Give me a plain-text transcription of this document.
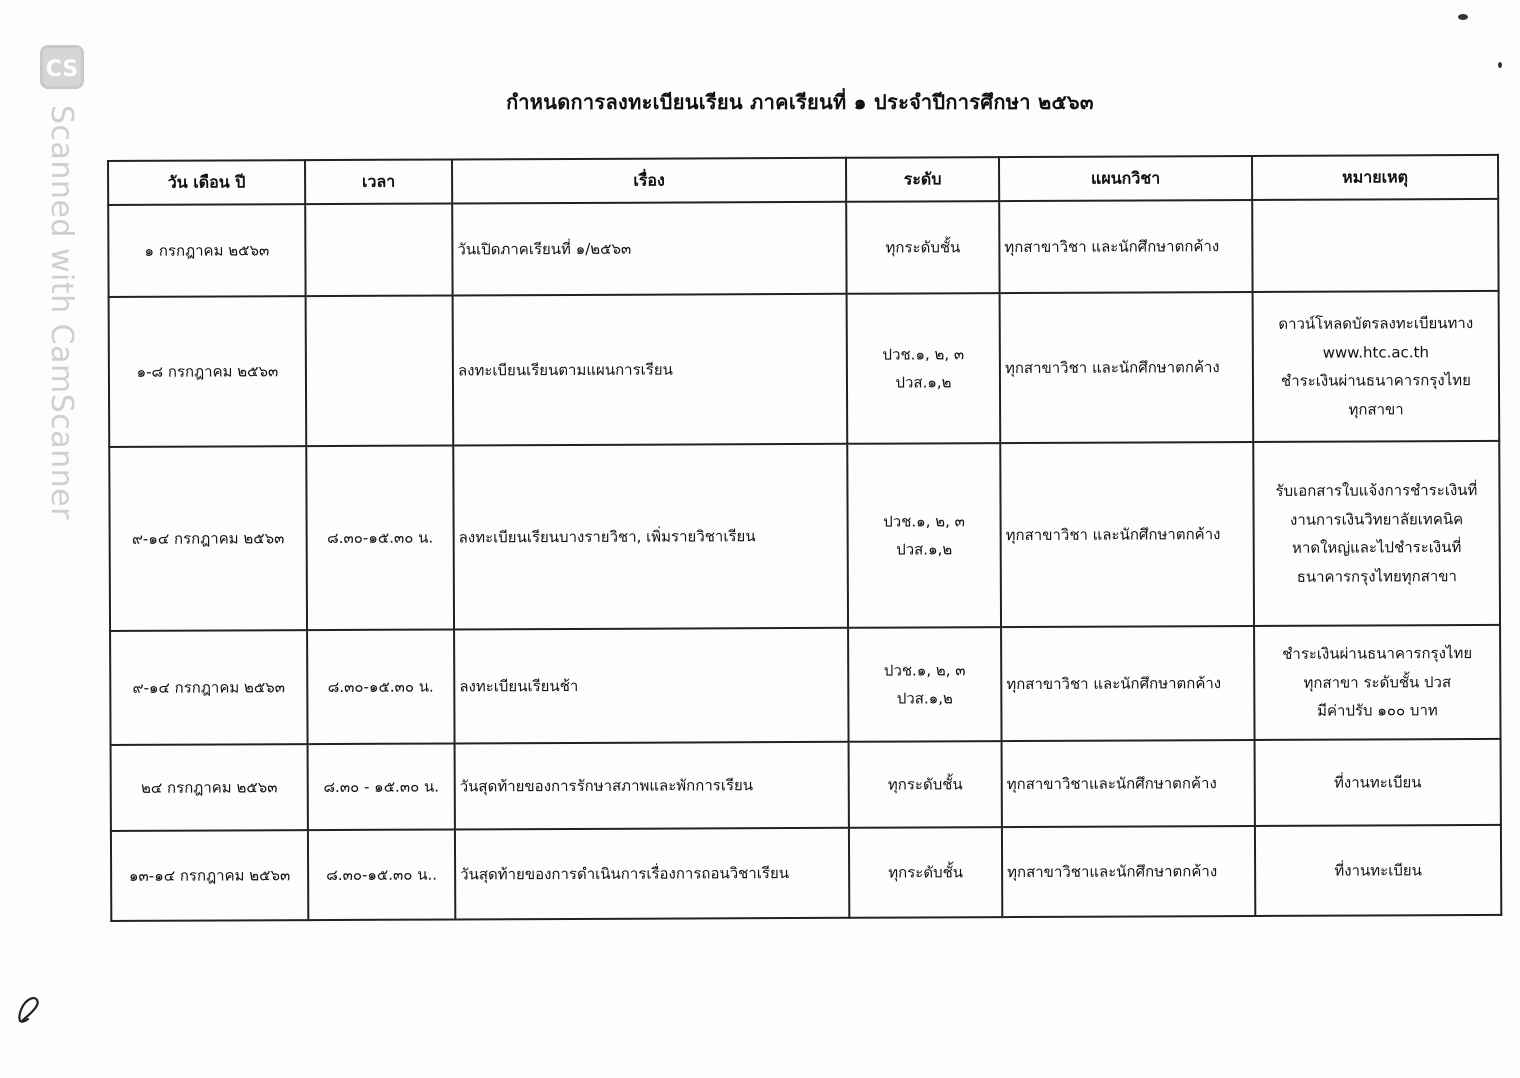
CS
Scanned with CamScanner
กำหนดการลงทะเบียนเรียน ภาคเรียนที่ ๑ ประจำปีการศึกษา ๒๕๖๓
วัน เดือน ปี	เวลา	เรื่อง	ระดับ	แผนกวิชา	หมายเหตุ
๑ กรกฎาคม ๒๕๖๓		วันเปิดภาคเรียนที่ ๑/๒๕๖๓	ทุกระดับชั้น	ทุกสาขาวิชา และนักศึกษาตกค้าง	
๑-๘ กรกฎาคม ๒๕๖๓		ลงทะเบียนเรียนตามแผนการเรียน	ปวช.๑, ๒, ๓
ปวส.๑,๒	ทุกสาขาวิชา และนักศึกษาตกค้าง	ดาวน์โหลดบัตรลงทะเบียนทาง
www.htc.ac.th
ชำระเงินผ่านธนาคารกรุงไทย
ทุกสาขา

๙-๑๔ กรกฎาคม ๒๕๖๓	๘.๓๐-๑๕.๓๐ น.	ลงทะเบียนเรียนบางรายวิชา, เพิ่มรายวิชาเรียน	ปวช.๑, ๒, ๓
ปวส.๑,๒	ทุกสาขาวิชา และนักศึกษาตกค้าง	รับเอกสารใบแจ้งการชำระเงินที่
งานการเงินวิทยาลัยเทคนิค
หาดใหญ่และไปชำระเงินที่
ธนาคารกรุงไทยทุกสาขา

๙-๑๔ กรกฎาคม ๒๕๖๓	๘.๓๐-๑๕.๓๐ น.	ลงทะเบียนเรียนช้า	ปวช.๑, ๒, ๓
ปวส.๑,๒	ทุกสาขาวิชา และนักศึกษาตกค้าง	ชำระเงินผ่านธนาคารกรุงไทย
ทุกสาขา ระดับชั้น ปวส
มีค่าปรับ ๑๐๐ บาท

๒๔ กรกฎาคม ๒๕๖๓	๘.๓๐ - ๑๕.๓๐ น.	วันสุดท้ายของการรักษาสภาพและพักการเรียน	ทุกระดับชั้น	ทุกสาขาวิชาและนักศึกษาตกค้าง	ที่งานทะเบียน

๑๓-๑๔ กรกฎาคม ๒๕๖๓	๘.๓๐-๑๕.๓๐ น..	วันสุดท้ายของการดำเนินการเรื่องการถอนวิชาเรียน	ทุกระดับชั้น	ทุกสาขาวิชาและนักศึกษาตกค้าง	ที่งานทะเบียน
